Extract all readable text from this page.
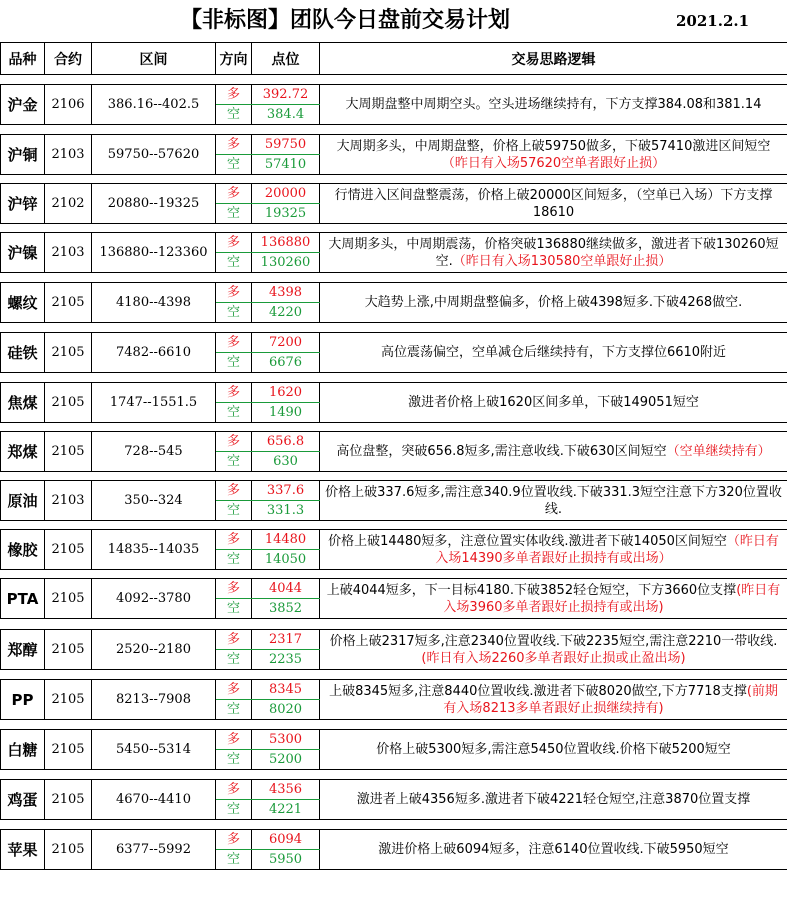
【非标图】团队今日盘前交易计划	2021.2.1
品种	合约	区间	方向	点位	交易思路逻辑

沪金	2106	386.16--402.5	多	392.72	大周期盘整中周期空头。空头进场继续持有，下方支撑384.08和381.14
			空	384.4	

沪铜	2103	59750--57620	多	59750	大周期多头，中周期盘整，价格上破59750做多，下破57410激进区间短空（昨日有入场57620空单者跟好止损）
			空	57410	

沪锌	2102	20880--19325	多	20000	行情进入区间盘整震荡，价格上破20000区间短多，（空单已入场）下方支撑18610
			空	19325	

沪镍	2103	136880--123360	多	136880	大周期多头，中周期震荡，价格突破136880继续做多，激进者下破130260短空.（昨日有入场130580空单跟好止损）
			空	130260	

螺纹	2105	4180--4398	多	4398	大趋势上涨,中周期盘整偏多，价格上破4398短多.下破4268做空.
			空	4220	

硅铁	2105	7482--6610	多	7200	高位震荡偏空，空单减仓后继续持有，下方支撑位6610附近
			空	6676	

焦煤	2105	1747--1551.5	多	1620	激进者价格上破1620区间多单，下破149051短空
			空	1490	

郑煤	2105	728--545	多	656.8	高位盘整，突破656.8短多,需注意收线.下破630区间短空（空单继续持有）
			空	630	

原油	2103	350--324	多	337.6	价格上破337.6短多,需注意340.9位置收线.下破331.3短空注意下方320位置收线.
			空	331.3	

橡胶	2105	14835--14035	多	14480	价格上破14480短多，注意位置实体收线.激进者下破14050区间短空（昨日有入场14390多单者跟好止损持有或出场）
			空	14050	

PTA	2105	4092--3780	多	4044	上破4044短多，下一目标4180.下破3852轻仓短空，下方3660位支撑(昨日有入场3960多单者跟好止损持有或出场)
			空	3852	

郑醇	2105	2520--2180	多	2317	价格上破2317短多,注意2340位置收线.下破2235短空,需注意2210一带收线.(昨日有入场2260多单者跟好止损或止盈出场)
			空	2235	

PP	2105	8213--7908	多	8345	上破8345短多,注意8440位置收线.激进者下破8020做空,下方7718支撑(前期有入场8213多单者跟好止损继续持有)
			空	8020	

白糖	2105	5450--5314	多	5300	价格上破5300短多,需注意5450位置收线.价格下破5200短空
			空	5200	

鸡蛋	2105	4670--4410	多	4356	激进者上破4356短多.激进者下破4221轻仓短空,注意3870位置支撑
			空	4221	

苹果	2105	6377--5992	多	6094	激进价格上破6094短多，注意6140位置收线.下破5950短空
			空	5950	
